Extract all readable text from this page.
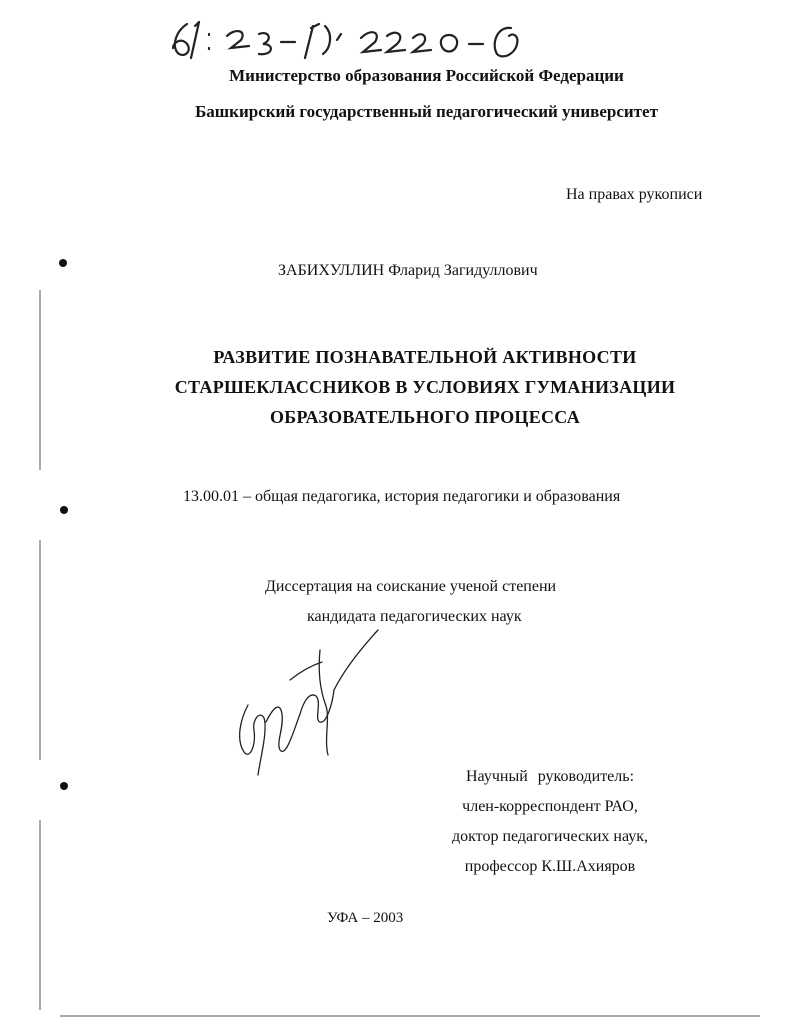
Министерство образования Российской Федерации
Башкирский государственный педагогический университет
На правах рукописи
ЗАБИХУЛЛИН Фларид Загидуллович
РАЗВИТИЕ ПОЗНАВАТЕЛЬНОЙ АКТИВНОСТИ
СТАРШЕКЛАССНИКОВ В УСЛОВИЯХ ГУМАНИЗАЦИИ
ОБРАЗОВАТЕЛЬНОГО ПРОЦЕССА
13.00.01 – общая педагогика, история педагогики и образования
Диссертация на соискание ученой степени
кандидата педагогических наук
Научный руководитель:
член-корреспондент РАО,
доктор педагогических наук,
профессор К.Ш.Ахияров
УФА – 2003
